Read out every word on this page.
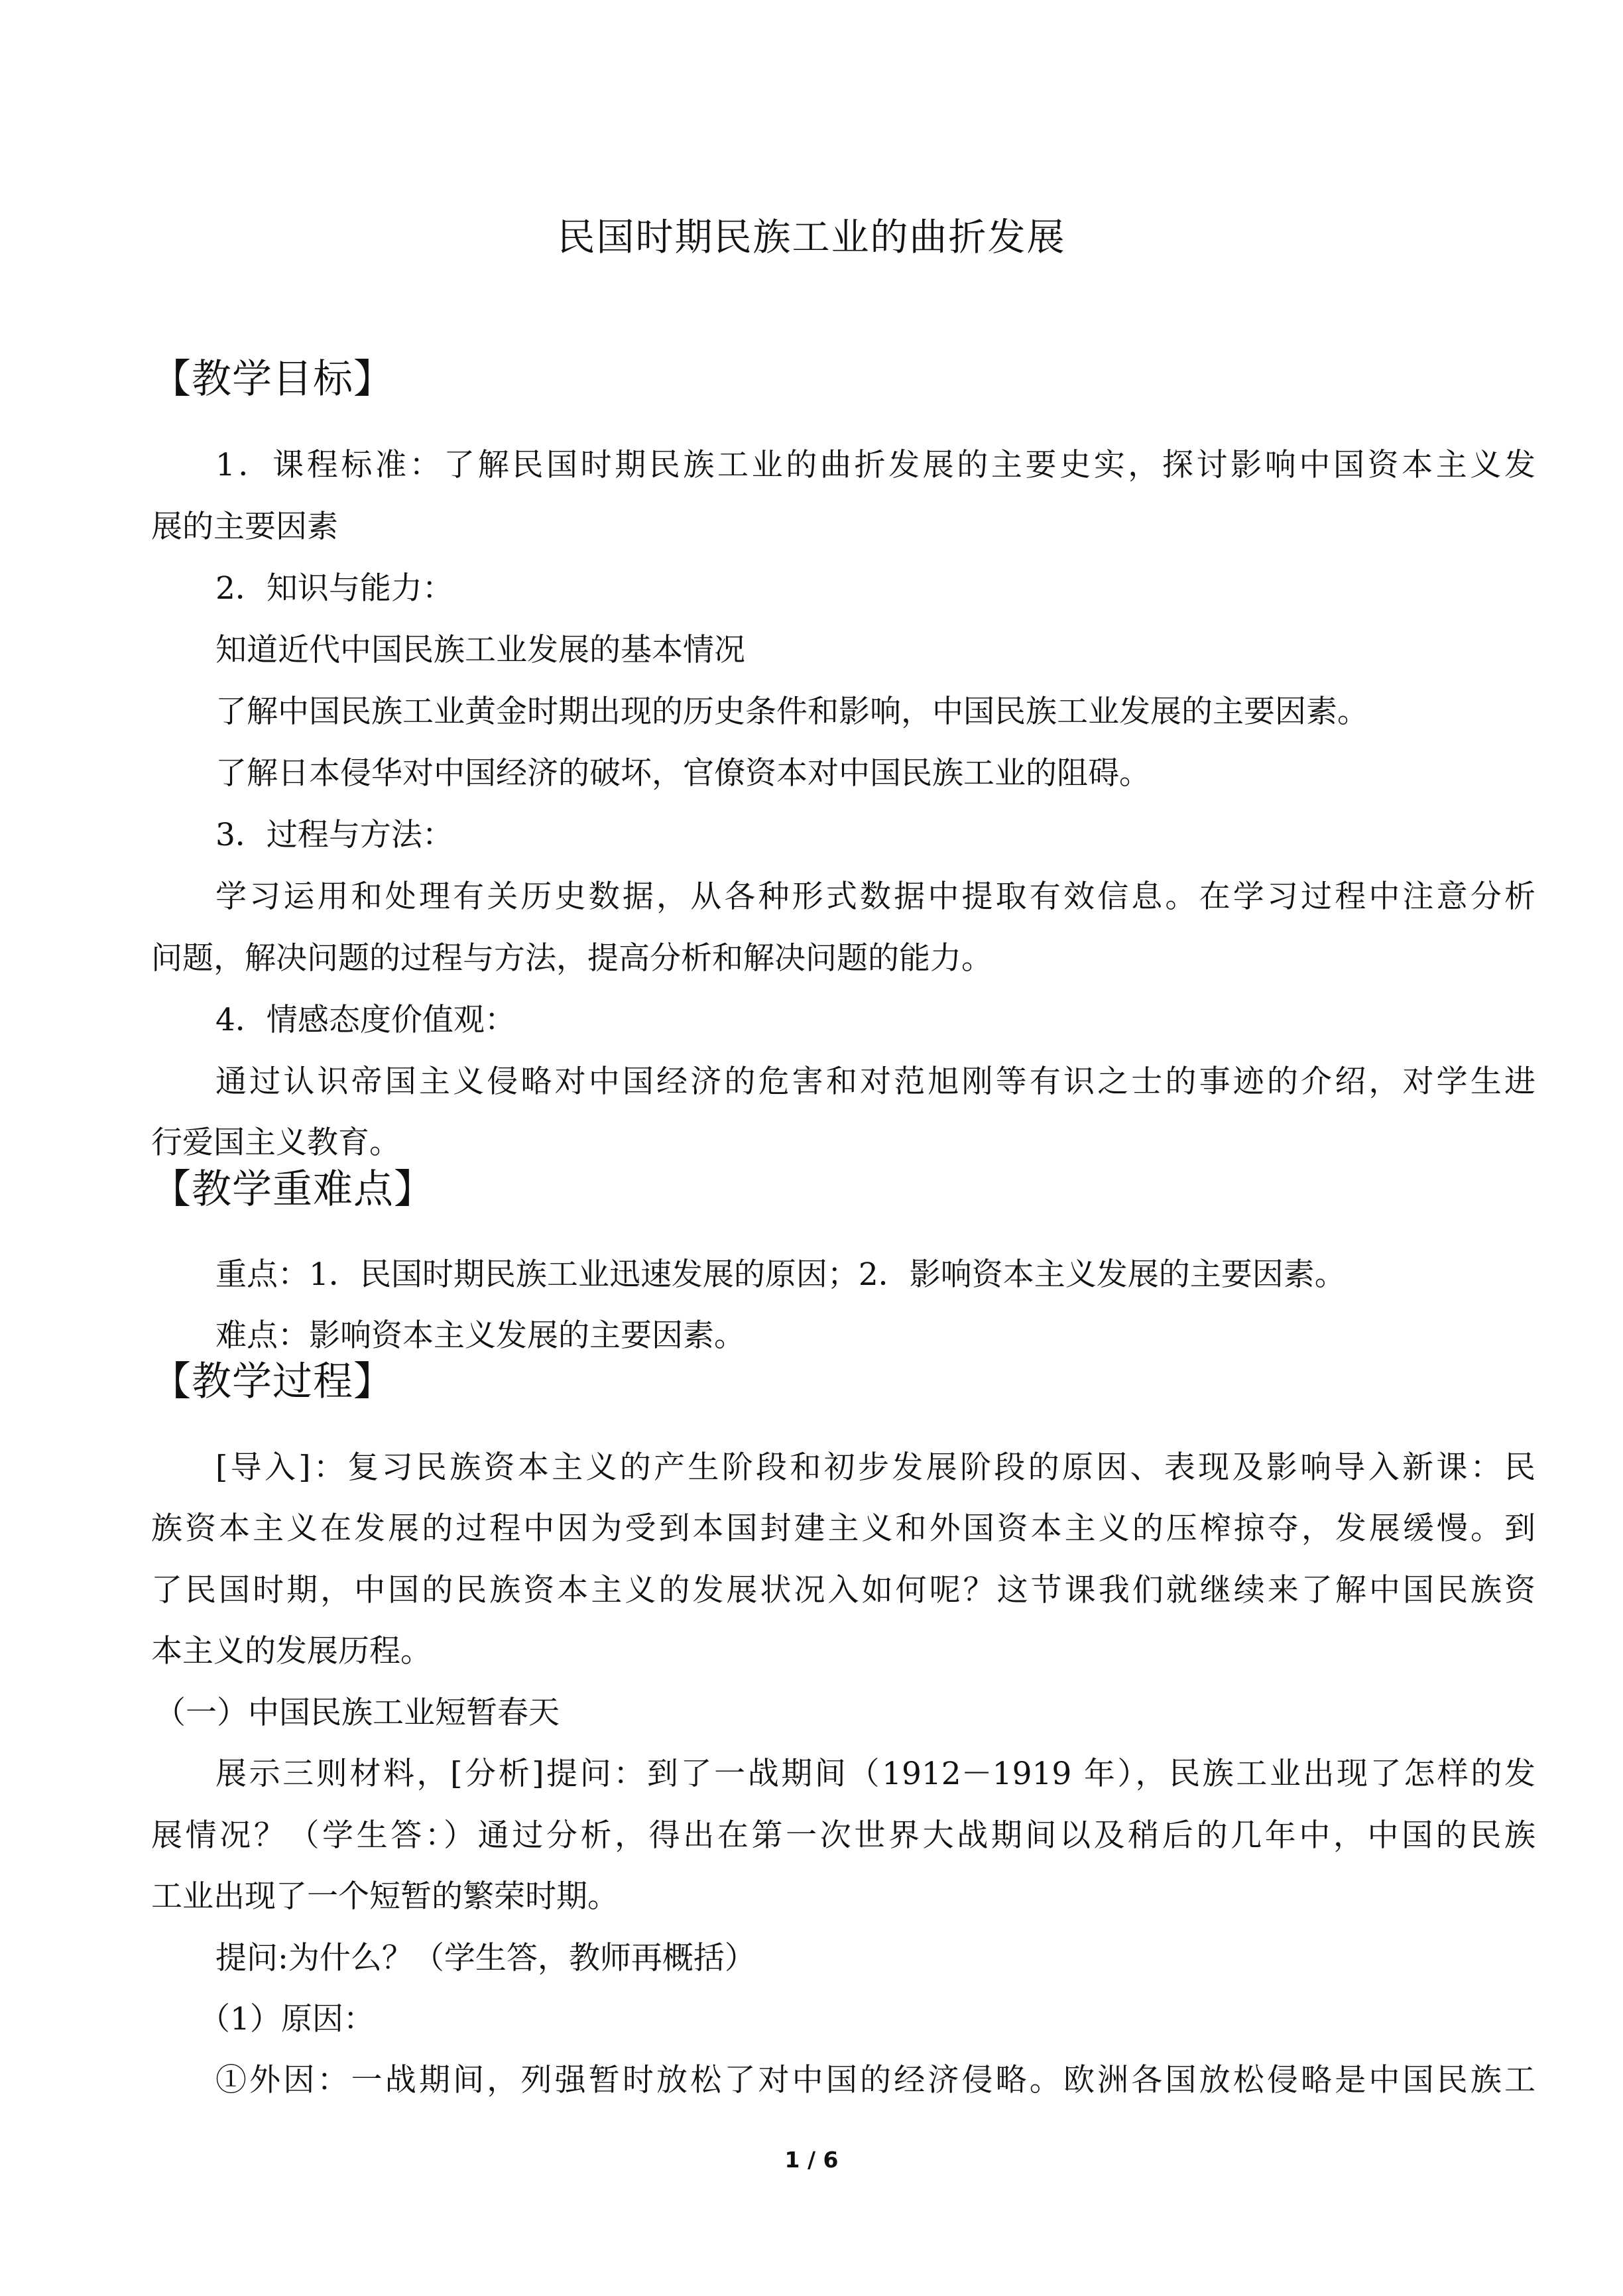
民国时期民族工业的曲折发展
【教学目标】
1．课程标准：了解民国时期民族工业的曲折发展的主要史实，探讨影响中国资本主义发
展的主要因素
2．知识与能力：
知道近代中国民族工业发展的基本情况
了解中国民族工业黄金时期出现的历史条件和影响，中国民族工业发展的主要因素。
了解日本侵华对中国经济的破坏，官僚资本对中国民族工业的阻碍。
3．过程与方法：
学习运用和处理有关历史数据，从各种形式数据中提取有效信息。在学习过程中注意分析
问题，解决问题的过程与方法，提高分析和解决问题的能力。
4．情感态度价值观：
通过认识帝国主义侵略对中国经济的危害和对范旭刚等有识之士的事迹的介绍，对学生进
行爱国主义教育。
【教学重难点】
重点：1．民国时期民族工业迅速发展的原因；2．影响资本主义发展的主要因素。
难点：影响资本主义发展的主要因素。
【教学过程】
[导入]：复习民族资本主义的产生阶段和初步发展阶段的原因、表现及影响导入新课：民
族资本主义在发展的过程中因为受到本国封建主义和外国资本主义的压榨掠夺，发展缓慢。到
了民国时期，中国的民族资本主义的发展状况入如何呢？这节课我们就继续来了解中国民族资
本主义的发展历程。
（一）中国民族工业短暂春天
展示三则材料，[分析]提问：到了一战期间（1912－1919 年），民族工业出现了怎样的发
展情况？（学生答：）通过分析，得出在第一次世界大战期间以及稍后的几年中，中国的民族
工业出现了一个短暂的繁荣时期。
提问:为什么？（学生答，教师再概括）
（1）原因：
①外因：一战期间，列强暂时放松了对中国的经济侵略。欧洲各国放松侵略是中国民族工
1 / 6
